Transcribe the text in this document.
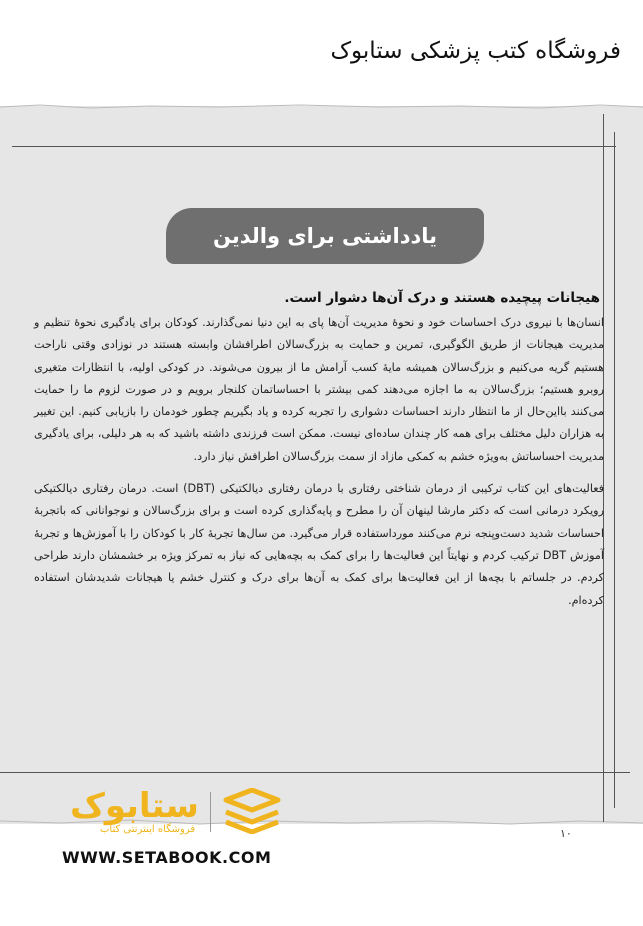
فروشگاه کتب پزشکی ستابوک
یادداشتی برای والدین
هیجانات پیچیده هستند و درک آن‌ها دشوار است.

انسان‌ها با نیروی درک احساسات خود و نحوهٔ مدیریت آن‌ها پای به این دنیا نمی‌گذارند. کودکان برای یادگیری نحوهٔ تنظیم و مدیریت هیجانات از طریق الگوگیری، تمرین و حمایت به بزرگ‌سالان اطرافشان وابسته هستند در نوزادی وقتی ناراحت هستیم گریه می‌کنیم و بزرگ‌سالان همیشه مایهٔ کسب آرامش ما از بیرون می‌شوند. در کودکی اولیه، با انتظارات متغیری روبرو هستیم؛ بزرگ‌سالان به ما اجازه می‌دهند کمی بیشتر با احساساتمان کلنجار برویم و در صورت لزوم ما را حمایت می‌کنند بااین‌حال از ما انتظار دارند احساسات دشواری را تجربه کرده و یاد بگیریم چطور خودمان را بازیابی کنیم. این تغییر به هزاران دلیل مختلف برای همه کار چندان ساده‌ای نیست. ممکن است فرزندی داشته باشید که به هر دلیلی، برای یادگیری مدیریت احساساتش به‌ویژه خشم به کمکی مازاد از سمت بزرگ‌سالان اطرافش نیاز دارد.

فعالیت‌های این کتاب ترکیبی از درمان شناختی رفتاری با درمان رفتاری دیالکتیکی (DBT) است. درمان رفتاری دیالکتیکی رویکرد درمانی است که دکتر مارشا لینهان آن را مطرح و پایه‌گذاری کرده است و برای بزرگ‌سالان و نوجوانانی که باتجربهٔ احساسات شدید دست‌وپنجه نرم می‌کنند مورداستفاده قرار می‌گیرد. من سال‌ها تجربهٔ کار با کودکان را با آموزش‌ها و تجربهٔ آموزش DBT ترکیب کردم و نهایتاً این فعالیت‌ها را برای کمک به بچه‌هایی که نیاز به تمرکز ویژه بر خشمشان دارند طراحی کردم. در جلساتم با بچه‌ها از این فعالیت‌ها برای کمک به آن‌ها برای درک و کنترل خشم یا هیجانات شدیدشان استفاده کرده‌ام.

۱۰
ستابوک
فروشگاه اینترنتی کتاب
WWW.SETABOOK.COM
